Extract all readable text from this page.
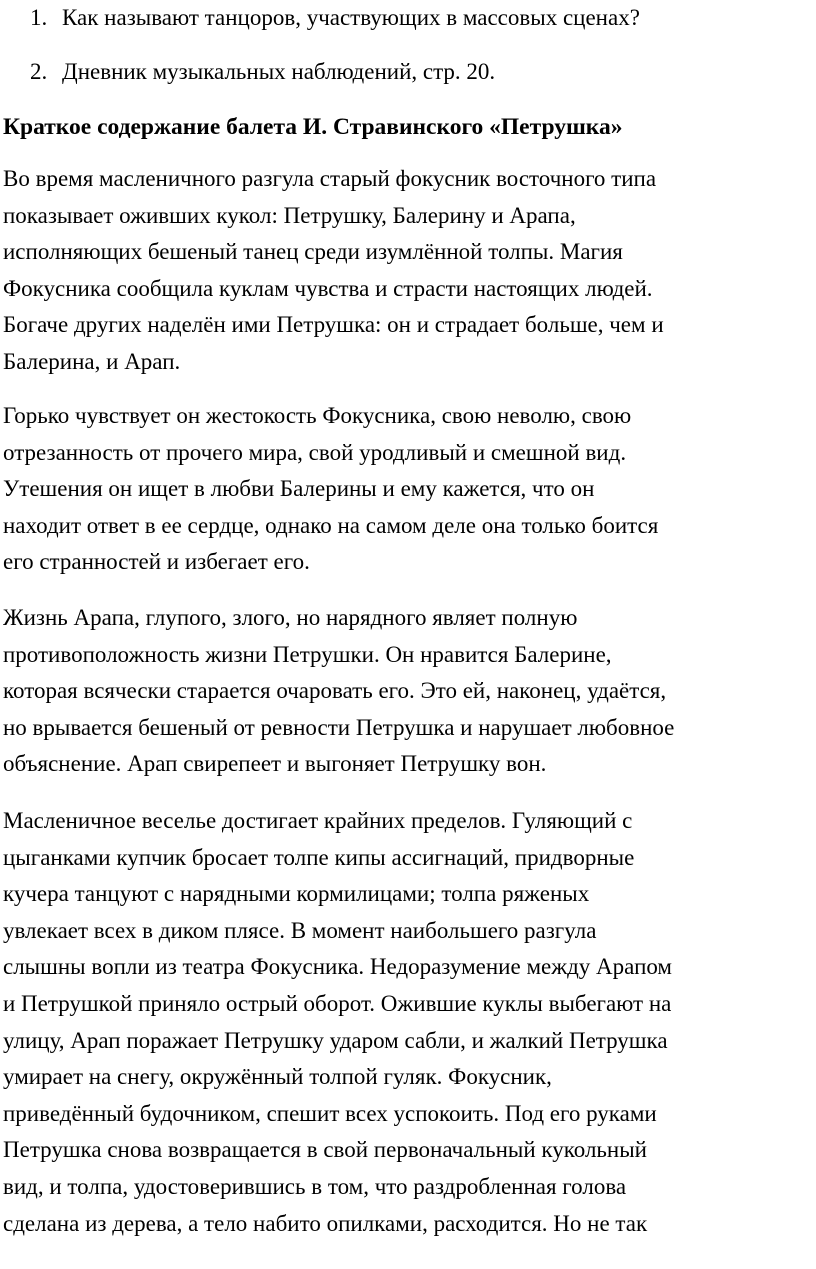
1. Как называют танцоров, участвующих в массовых сценах?
2. Дневник музыкальных наблюдений, стр. 20.
Краткое содержание балета И. Стравинского «Петрушка»

Во время масленичного разгула старый фокусник восточного типа
показывает оживших кукол: Петрушку, Балерину и Арапа,
исполняющих бешеный танец среди изумлённой толпы. Магия
Фокусника сообщила куклам чувства и страсти настоящих людей.
Богаче других наделён ими Петрушка: он и страдает больше, чем и
Балерина, и Арап.

Горько чувствует он жестокость Фокусника, свою неволю, свою
отрезанность от прочего мира, свой уродливый и смешной вид.
Утешения он ищет в любви Балерины и ему кажется, что он
находит ответ в ее сердце, однако на самом деле она только боится
его странностей и избегает его.

Жизнь Арапа, глупого, злого, но нарядного являет полную
противоположность жизни Петрушки. Он нравится Балерине,
которая всячески старается очаровать его. Это ей, наконец, удаётся,
но врывается бешеный от ревности Петрушка и нарушает любовное
объяснение. Арап свирепеет и выгоняет Петрушку вон.

Масленичное веселье достигает крайних пределов. Гуляющий с
цыганками купчик бросает толпе кипы ассигнаций, придворные
кучера танцуют с нарядными кормилицами; толпа ряженых
увлекает всех в диком плясе. В момент наибольшего разгула
слышны вопли из театра Фокусника. Недоразумение между Арапом
и Петрушкой приняло острый оборот. Ожившие куклы выбегают на
улицу, Арап поражает Петрушку ударом сабли, и жалкий Петрушка
умирает на снегу, окружённый толпой гуляк. Фокусник,
приведённый будочником, спешит всех успокоить. Под его руками
Петрушка снова возвращается в свой первоначальный кукольный
вид, и толпа, удостоверившись в том, что раздробленная голова
сделана из дерева, а тело набито опилками, расходится. Но не так
